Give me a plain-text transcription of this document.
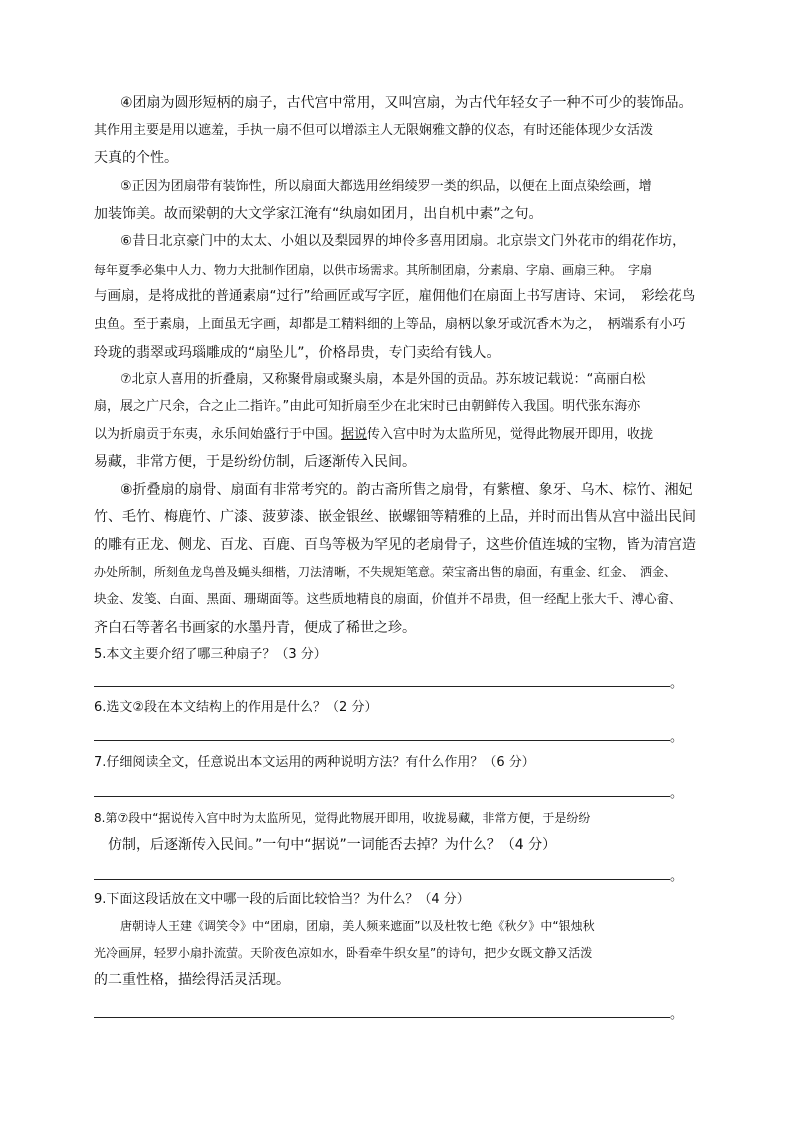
④团扇为圆形短柄的扇子，古代宫中常用，又叫宫扇，为古代年轻女子一种不可少的装饰品。
其作用主要是用以遮羞，手执一扇不但可以增添主人无限娴雅文静的仪态，有时还能体现少女活泼
天真的个性。
⑤正因为团扇带有装饰性，所以扇面大都选用丝绢绫罗一类的织品，以便在上面点染绘画，增
加装饰美。故而梁朝的大文学家江淹有“纨扇如团月，出自机中素”之句。
⑥昔日北京豪门中的太太、小姐以及梨园界的坤伶多喜用团扇。北京崇文门外花市的绢花作坊，
每年夏季必集中人力、物力大批制作团扇，以供市场需求。其所制团扇，分素扇、字扇、画扇三种。　字扇
与画扇，是将成批的普通素扇“过行”给画匠或写字匠，雇佣他们在扇面上书写唐诗、宋词，　彩绘花鸟
虫鱼。至于素扇，上面虽无字画，却都是工精料细的上等品，扇柄以象牙或沉香木为之，　柄端系有小巧
玲珑的翡翠或玛瑙雕成的“扇坠儿”，价格昂贵，专门卖给有钱人。
⑦北京人喜用的折叠扇，又称聚骨扇或聚头扇，本是外国的贡品。苏东坡记载说：“高丽白松
扇，展之广尺余，合之止二指许。”由此可知折扇至少在北宋时已由朝鲜传入我国。明代张东海亦
以为折扇贡于东夷，永乐间始盛行于中国。据说传入宫中时为太监所见，觉得此物展开即用，收拢
易藏，非常方便，于是纷纷仿制，后逐渐传入民间。
⑧折叠扇的扇骨、扇面有非常考究的。韵古斋所售之扇骨，有紫檀、象牙、乌木、棕竹、湘妃
竹、毛竹、梅鹿竹、广漆、菠萝漆、嵌金银丝、嵌螺钿等精雅的上品，并时而出售从宫中溢出民间
的雕有正龙、侧龙、百龙、百鹿、百鸟等极为罕见的老扇骨子，这些价值连城的宝物，皆为清宫造
办处所制，所刻鱼龙鸟兽及蝇头细楷，刀法清晰，不失规矩笔意。荣宝斋出售的扇面，有重金、红金、　洒金、
块金、发笺、白面、黑面、珊瑚面等。这些质地精良的扇面，价值并不昂贵，但一经配上张大千、溥心畲、
齐白石等著名书画家的水墨丹青，便成了稀世之珍。
5.本文主要介绍了哪三种扇子？（3 分）
。
6.选文②段在本文结构上的作用是什么？（2 分）
。
7.仔细阅读全文，任意说出本文运用的两种说明方法？有什么作用？（6 分）
。
8.第⑦段中“据说传入宫中时为太监所见，觉得此物展开即用，收拢易藏，非常方便，于是纷纷
仿制，后逐渐传入民间。”一句中“据说”一词能否去掉？为什么？（4 分）
。
9.下面这段话放在文中哪一段的后面比较恰当？为什么？（4 分）
唐朝诗人王建《调笑令》中“团扇，团扇，美人频来遮面”以及杜牧七绝《秋夕》中“银烛秋
光冷画屏，轻罗小扇扑流萤。天阶夜色凉如水，卧看牵牛织女星”的诗句，把少女既文静又活泼
的二重性格，描绘得活灵活现。
。
